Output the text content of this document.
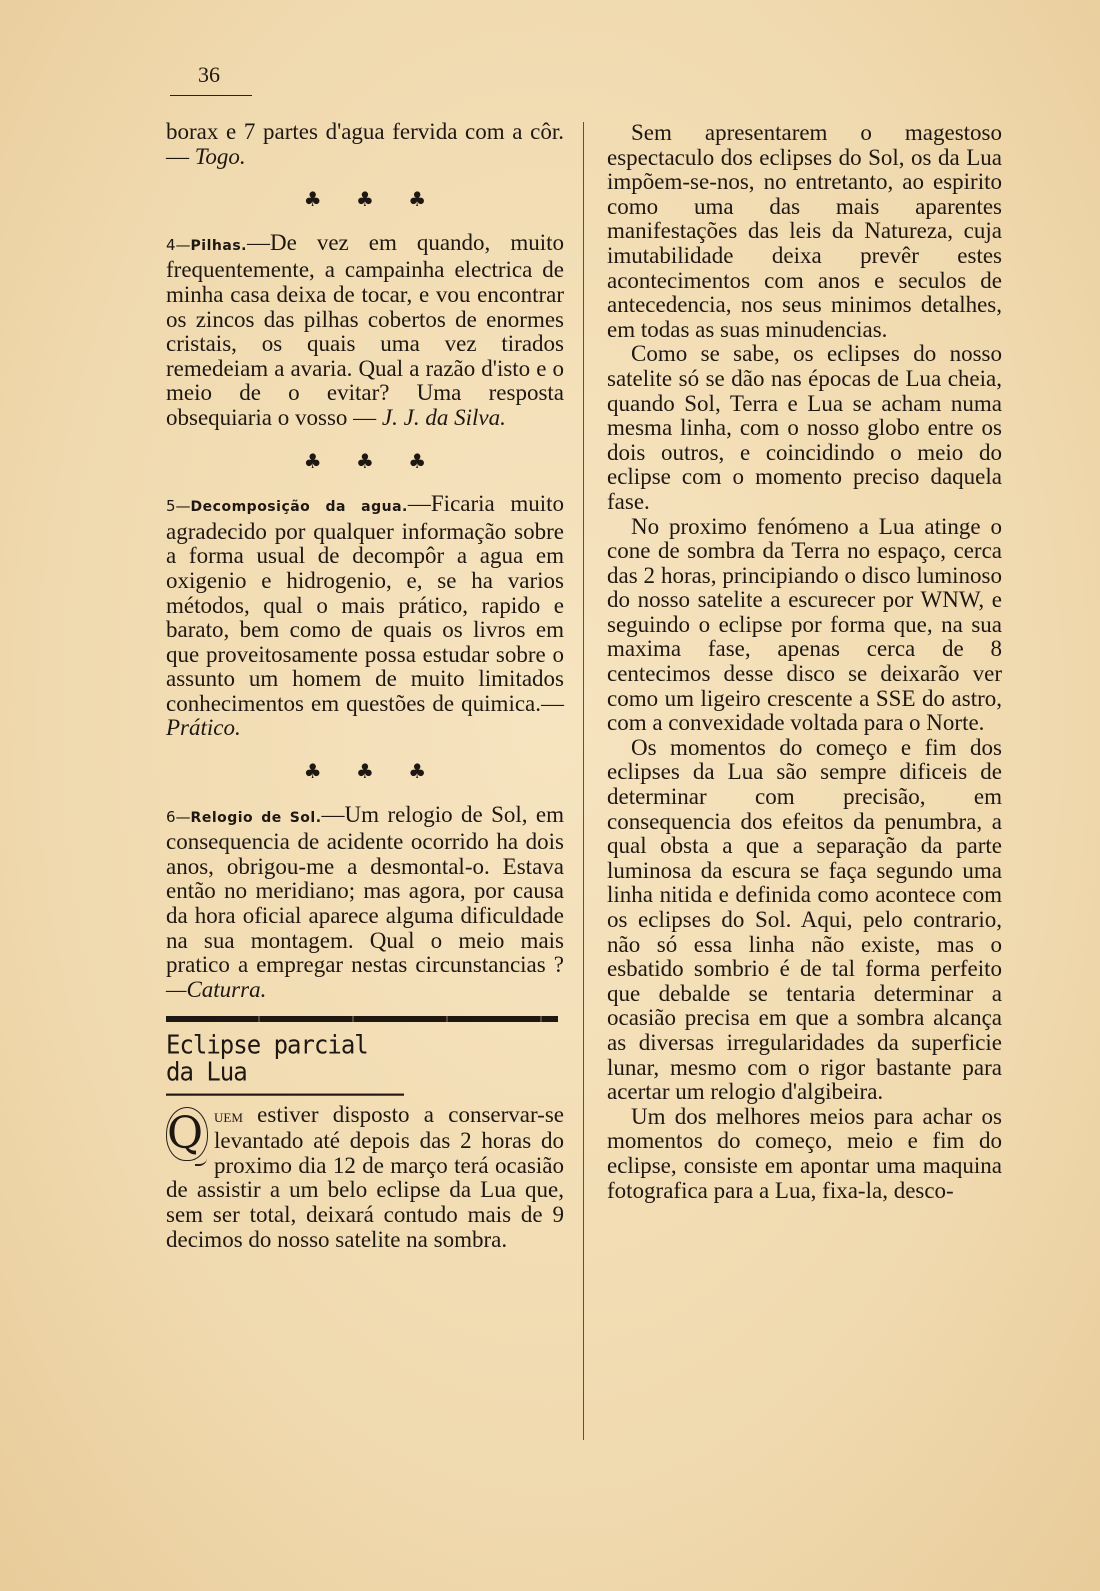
36

borax e 7 partes d'agua fervida com a côr. — Togo.

♣ ♣ ♣

4—Pilhas.—De vez em quando, muito frequentemente, a campainha electrica de minha casa deixa de tocar, e vou encontrar os zincos das pilhas cobertos de enormes cristais, os quais uma vez tirados remedeiam a avaria. Qual a razão d'isto e o meio de o evitar? Uma resposta obsequiaria o vosso — J. J. da Silva.

♣ ♣ ♣

5—Decomposição da agua.—Ficaria muito agradecido por qualquer informação sobre a forma usual de decompôr a agua em oxigenio e hidrogenio, e, se ha varios métodos, qual o mais prático, rapido e barato, bem como de quais os livros em que proveitosamente possa estudar sobre o assunto um homem de muito limitados conhecimentos em questões de quimica.—Prático.

♣ ♣ ♣

6—Relogio de Sol.—Um relogio de Sol, em consequencia de acidente ocorrido ha dois anos, obrigou-me a desmontal-o. Estava então no meridiano; mas agora, por causa da hora oficial aparece alguma dificuldade na sua montagem. Qual o meio mais pratico a empregar nestas circunstancias ? —Caturra.

Eclipse parcial da Lua

Q uem estiver disposto a conservar-se levantado até depois das 2 horas do proximo dia 12 de março terá ocasião de assistir a um belo eclipse da Lua que, sem ser total, deixará contudo mais de 9 decimos do nosso satelite na sombra.

Sem apresentarem o magestoso espectaculo dos eclipses do Sol, os da Lua impõem-se-nos, no entretanto, ao espirito como uma das mais aparentes manifestações das leis da Natureza, cuja imutabilidade deixa prevêr estes acontecimentos com anos e seculos de antecedencia, nos seus minimos detalhes, em todas as suas minudencias.

Como se sabe, os eclipses do nosso satelite só se dão nas épocas de Lua cheia, quando Sol, Terra e Lua se acham numa mesma linha, com o nosso globo entre os dois outros, e coincidindo o meio do eclipse com o momento preciso daquela fase.

No proximo fenómeno a Lua atinge o cone de sombra da Terra no espaço, cerca das 2 horas, principiando o disco luminoso do nosso satelite a escurecer por WNW, e seguindo o eclipse por forma que, na sua maxima fase, apenas cerca de 8 centecimos desse disco se deixarão ver como um ligeiro crescente a SSE do astro, com a convexidade voltada para o Norte.

Os momentos do começo e fim dos eclipses da Lua são sempre dificeis de determinar com precisão, em consequencia dos efeitos da penumbra, a qual obsta a que a separação da parte luminosa da escura se faça segundo uma linha nitida e definida como acontece com os eclipses do Sol. Aqui, pelo contrario, não só essa linha não existe, mas o esbatido sombrio é de tal forma perfeito que debalde se tentaria determinar a ocasião precisa em que a sombra alcança as diversas irregularidades da superficie lunar, mesmo com o rigor bastante para acertar um relogio d'algibeira.

Um dos melhores meios para achar os momentos do começo, meio e fim do eclipse, consiste em apontar uma maquina fotografica para a Lua, fixa-la, desco-
